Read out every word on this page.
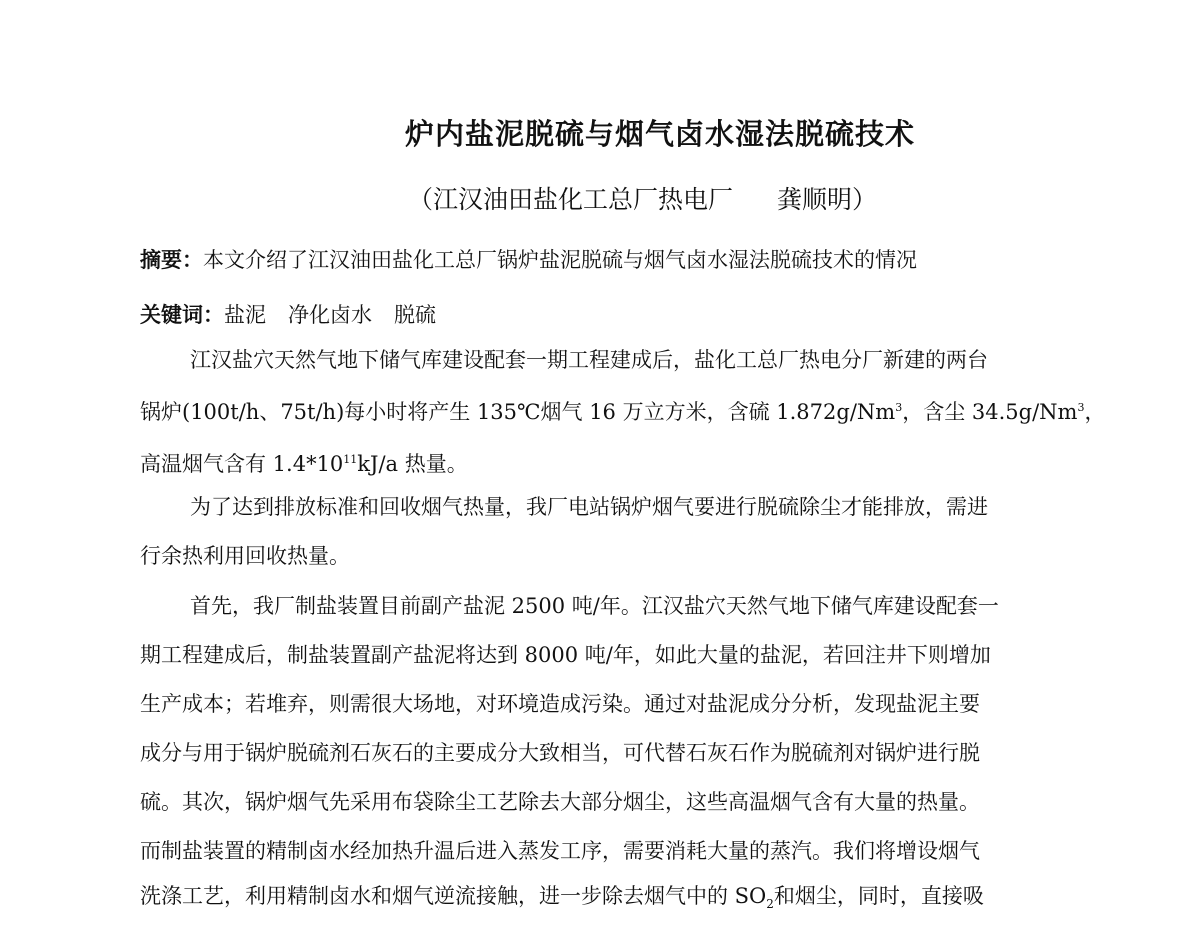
炉内盐泥脱硫与烟气卤水湿法脱硫技术
（江汉油田盐化工总厂热电厂 龚顺明）
摘要：本文介绍了江汉油田盐化工总厂锅炉盐泥脱硫与烟气卤水湿法脱硫技术的情况
关键词：盐泥 净化卤水 脱硫
江汉盐穴天然气地下储气库建设配套一期工程建成后，盐化工总厂热电分厂新建的两台
锅炉(100t/h、75t/h)每小时将产生 135℃烟气 16 万立方米，含硫 1.872g/Nm$^3$，含尘 34.5g/Nm$^3$，
高温烟气含有 $1.4*10^{11}kJ/a$ 热量。
为了达到排放标准和回收烟气热量，我厂电站锅炉烟气要进行脱硫除尘才能排放，需进
行余热利用回收热量。
首先，我厂制盐装置目前副产盐泥 2500 吨/年。江汉盐穴天然气地下储气库建设配套一
期工程建成后，制盐装置副产盐泥将达到 8000 吨/年，如此大量的盐泥，若回注井下则增加
生产成本；若堆弃，则需很大场地，对环境造成污染。通过对盐泥成分分析，发现盐泥主要
成分与用于锅炉脱硫剂石灰石的主要成分大致相当，可代替石灰石作为脱硫剂对锅炉进行脱
硫。其次，锅炉烟气先采用布袋除尘工艺除去大部分烟尘，这些高温烟气含有大量的热量。
而制盐装置的精制卤水经加热升温后进入蒸发工序，需要消耗大量的蒸汽。我们将增设烟气
洗涤工艺，利用精制卤水和烟气逆流接触，进一步除去烟气中的 $SO_2$和烟尘，同时，直接吸
